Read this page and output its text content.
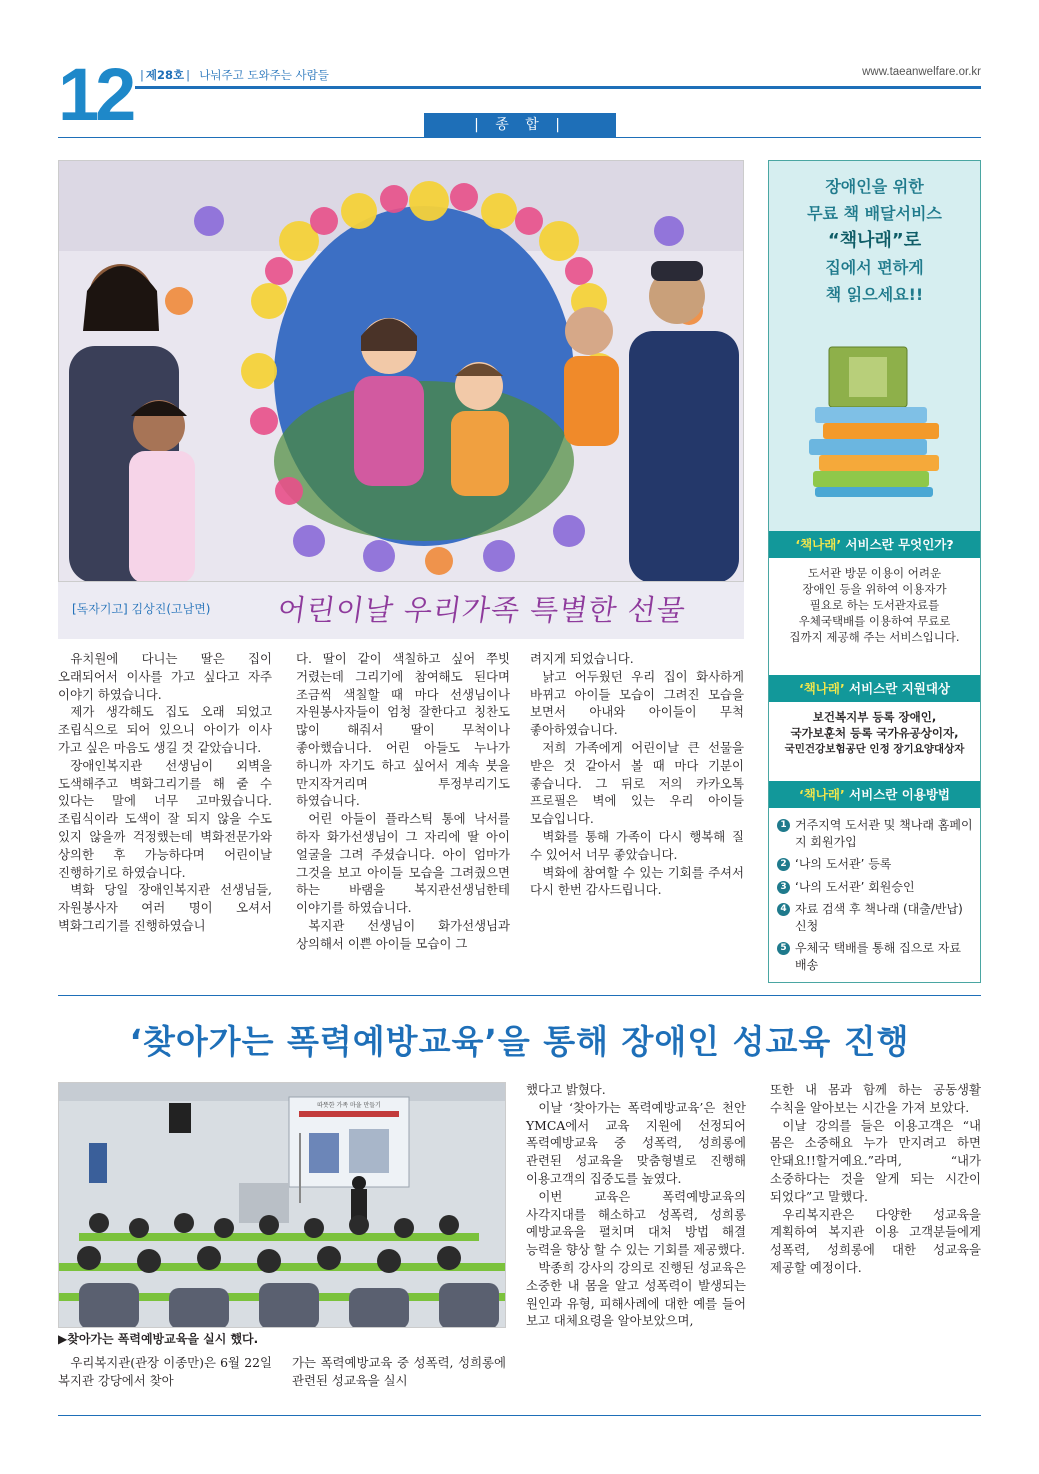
12 | 제28호 | 나눠주고 도와주는 사람들	www.taeanwelfare.or.kr
| 종 합 |
[독자기고] 김상진(고남면) 어린이날 우리가족 특별한 선물

유치원에 다니는 딸은 집이 오래되어서 이사를 가고 싶다고 자주 이야기 하였습니다.

제가 생각해도 집도 오래 되었고 조립식으로 되어 있으니 아이가 이사 가고 싶은 마음도 생길 것 같았습니다.

장애인복지관 선생님이 외벽을 도색해주고 벽화그리기를 해 줄 수 있다는 말에 너무 고마웠습니다. 조립식이라 도색이 잘 되지 않을 수도 있지 않을까 걱정했는데 벽화전문가와 상의한 후 가능하다며 어린이날 진행하기로 하였습니다.

벽화 당일 장애인복지관 선생님들, 자원봉사자 여러 명이 오셔서 벽화그리기를 진행하였습니

다. 딸이 같이 색칠하고 싶어 쭈빗 거렸는데 그리기에 참여해도 된다며 조금씩 색칠할 때 마다 선생님이나 자원봉사자들이 엄청 잘한다고 칭찬도 많이 해줘서 딸이 무척이나 좋아했습니다. 어린 아들도 누나가 하니까 자기도 하고 싶어서 계속 붓을 만지작거리며 투정부리기도 하였습니다.

어린 아들이 플라스틱 통에 낙서를 하자 화가선생님이 그 자리에 딸 아이 얼굴을 그려 주셨습니다. 아이 엄마가 그것을 보고 아이들 모습을 그려줬으면 하는 바램을 복지관선생님한테 이야기를 하였습니다.

복지관 선생님이 화가선생님과 상의해서 이쁜 아이들 모습이 그

려지게 되었습니다.

낡고 어두웠던 우리 집이 화사하게 바뀌고 아이들 모습이 그려진 모습을 보면서 아내와 아이들이 무척 좋아하였습니다.

저희 가족에게 어린이날 큰 선물을 받은 것 같아서 볼 때 마다 기분이 좋습니다. 그 뒤로 저의 카카오톡 프로필은 벽에 있는 우리 아이들 모습입니다.

벽화를 통해 가족이 다시 행복해 질 수 있어서 너무 좋았습니다.

벽화에 참여할 수 있는 기회를 주셔서 다시 한번 감사드립니다.

장애인을 위한
무료 책 배달서비스
“책나래”로
집에서 편하게
책 읽으세요!!
‘책나래’ 서비스란 무엇인가?
도서관 방문 이용이 어려운
장애인 등을 위하여 이용자가
필요로 하는 도서관자료를
우체국택배를 이용하여 무료로
집까지 제공해 주는 서비스입니다.
‘책나래’ 서비스란 지원대상
보건복지부 등록 장애인,
국가보훈처 등록 국가유공상이자,
국민건강보험공단 인정 장기요양대상자
‘책나래’ 서비스란 이용방법
1 거주지역 도서관 및 책나래 홈페이지 회원가입
2 ‘나의 도서관’ 등록
3 ‘나의 도서관’ 회원승인
4 자료 검색 후 책나래 (대출/반납) 신청
5 우체국 택배를 통해 집으로 자료 배송
‘찾아가는 폭력예방교육’을 통해 장애인 성교육 진행
따뜻한 가족 마을 만들기
▶찾아가는 폭력예방교육을 실시 했다.

우리복지관(관장 이종만)은 6월 22일 복지관 강당에서 찾아

가는 폭력예방교육 중 성폭력, 성희롱에 관련된 성교육을 실시

했다고 밝혔다.

이날 ‘찾아가는 폭력예방교육’은 천안 YMCA에서 교육 지원에 선정되어 폭력예방교육 중 성폭력, 성희롱에 관련된 성교육을 맞춤형별로 진행해 이용고객의 집중도를 높였다.

이번 교육은 폭력예방교육의 사각지대를 해소하고 성폭력, 성희롱 예방교육을 펼치며 대처 방법 해결 능력을 향상 할 수 있는 기회를 제공했다.

박종희 강사의 강의로 진행된 성교육은 소중한 내 몸을 알고 성폭력이 발생되는 원인과 유형, 피해사례에 대한 예를 들어 보고 대체요령을 알아보았으며,

또한 내 몸과 함께 하는 공동생활 수칙을 알아보는 시간을 가져 보았다.

이날 강의를 들은 이용고객은 “내 몸은 소중해요 누가 만지려고 하면 안돼요!!할거예요.”라며, “내가 소중하다는 것을 알게 되는 시간이 되었다”고 말했다.

우리복지관은 다양한 성교육을 계획하여 복지관 이용 고객분들에게 성폭력, 성희롱에 대한 성교육을 제공할 예정이다.
